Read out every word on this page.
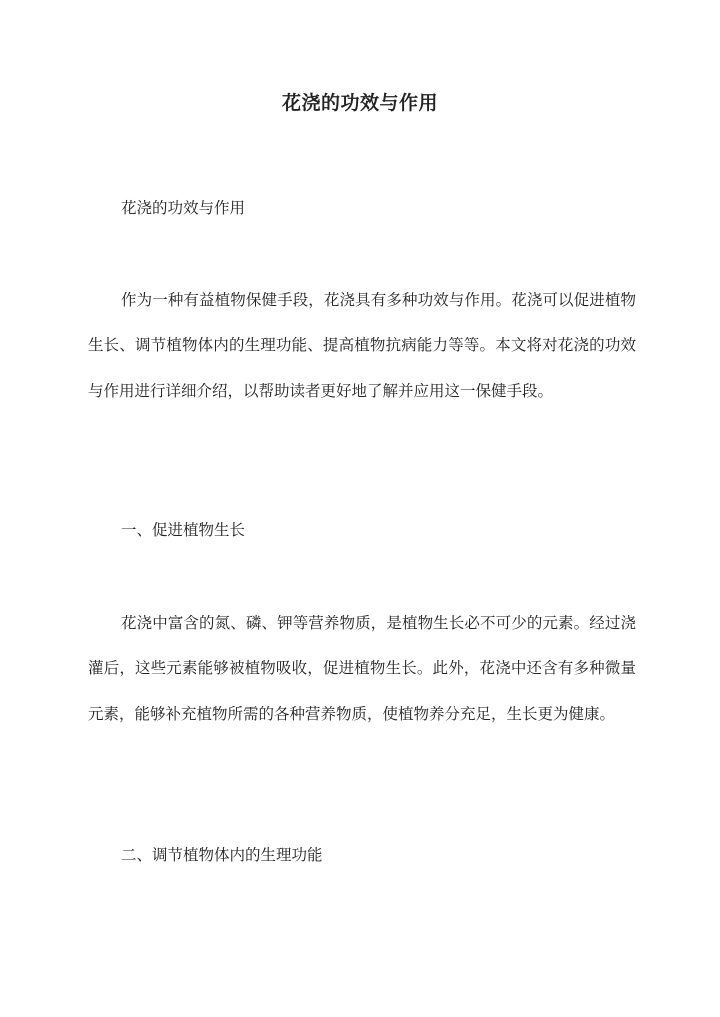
花浇的功效与作用
花浇的功效与作用
作为一种有益植物保健手段，花浇具有多种功效与作用。花浇可以促进植物生长、调节植物体内的生理功能、提高植物抗病能力等等。本文将对花浇的功效与作用进行详细介绍，以帮助读者更好地了解并应用这一保健手段。
一、促进植物生长
花浇中富含的氮、磷、钾等营养物质，是植物生长必不可少的元素。经过浇灌后，这些元素能够被植物吸收，促进植物生长。此外，花浇中还含有多种微量元素，能够补充植物所需的各种营养物质，使植物养分充足，生长更为健康。
二、调节植物体内的生理功能
